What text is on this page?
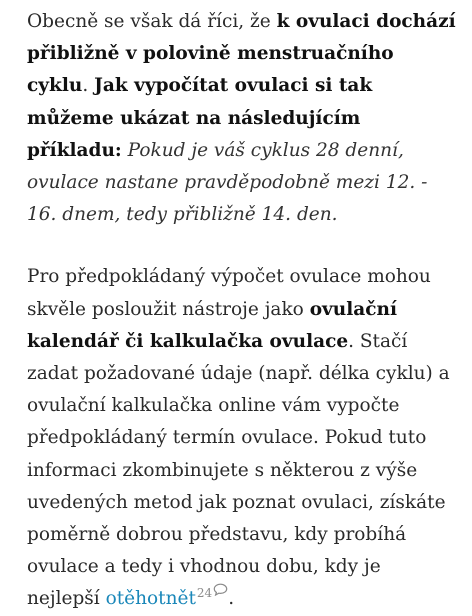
Obecně se však dá říci, že k ovulaci dochází přibližně v polovině menstruačního cyklu. Jak vypočítat ovulaci si tak můžeme ukázat na následujícím příkladu: Pokud je váš cyklus 28 denní, ovulace nastane pravděpodobně mezi 12. - 16. dnem, tedy přibližně 14. den.

Pro předpokládaný výpočet ovulace mohou skvěle posloužit nástroje jako ovulační kalendář či kalkulačka ovulace. Stačí zadat požadované údaje (např. délka cyklu) a ovulační kalkulačka online vám vypočte předpokládaný termín ovulace. Pokud tuto informaci zkombinujete s některou z výše uvedených metod jak poznat ovulaci, získáte poměrně dobrou představu, kdy probíhá ovulace a tedy i vhodnou dobu, kdy je nejlepší otěhotnět$^{24}$ .
